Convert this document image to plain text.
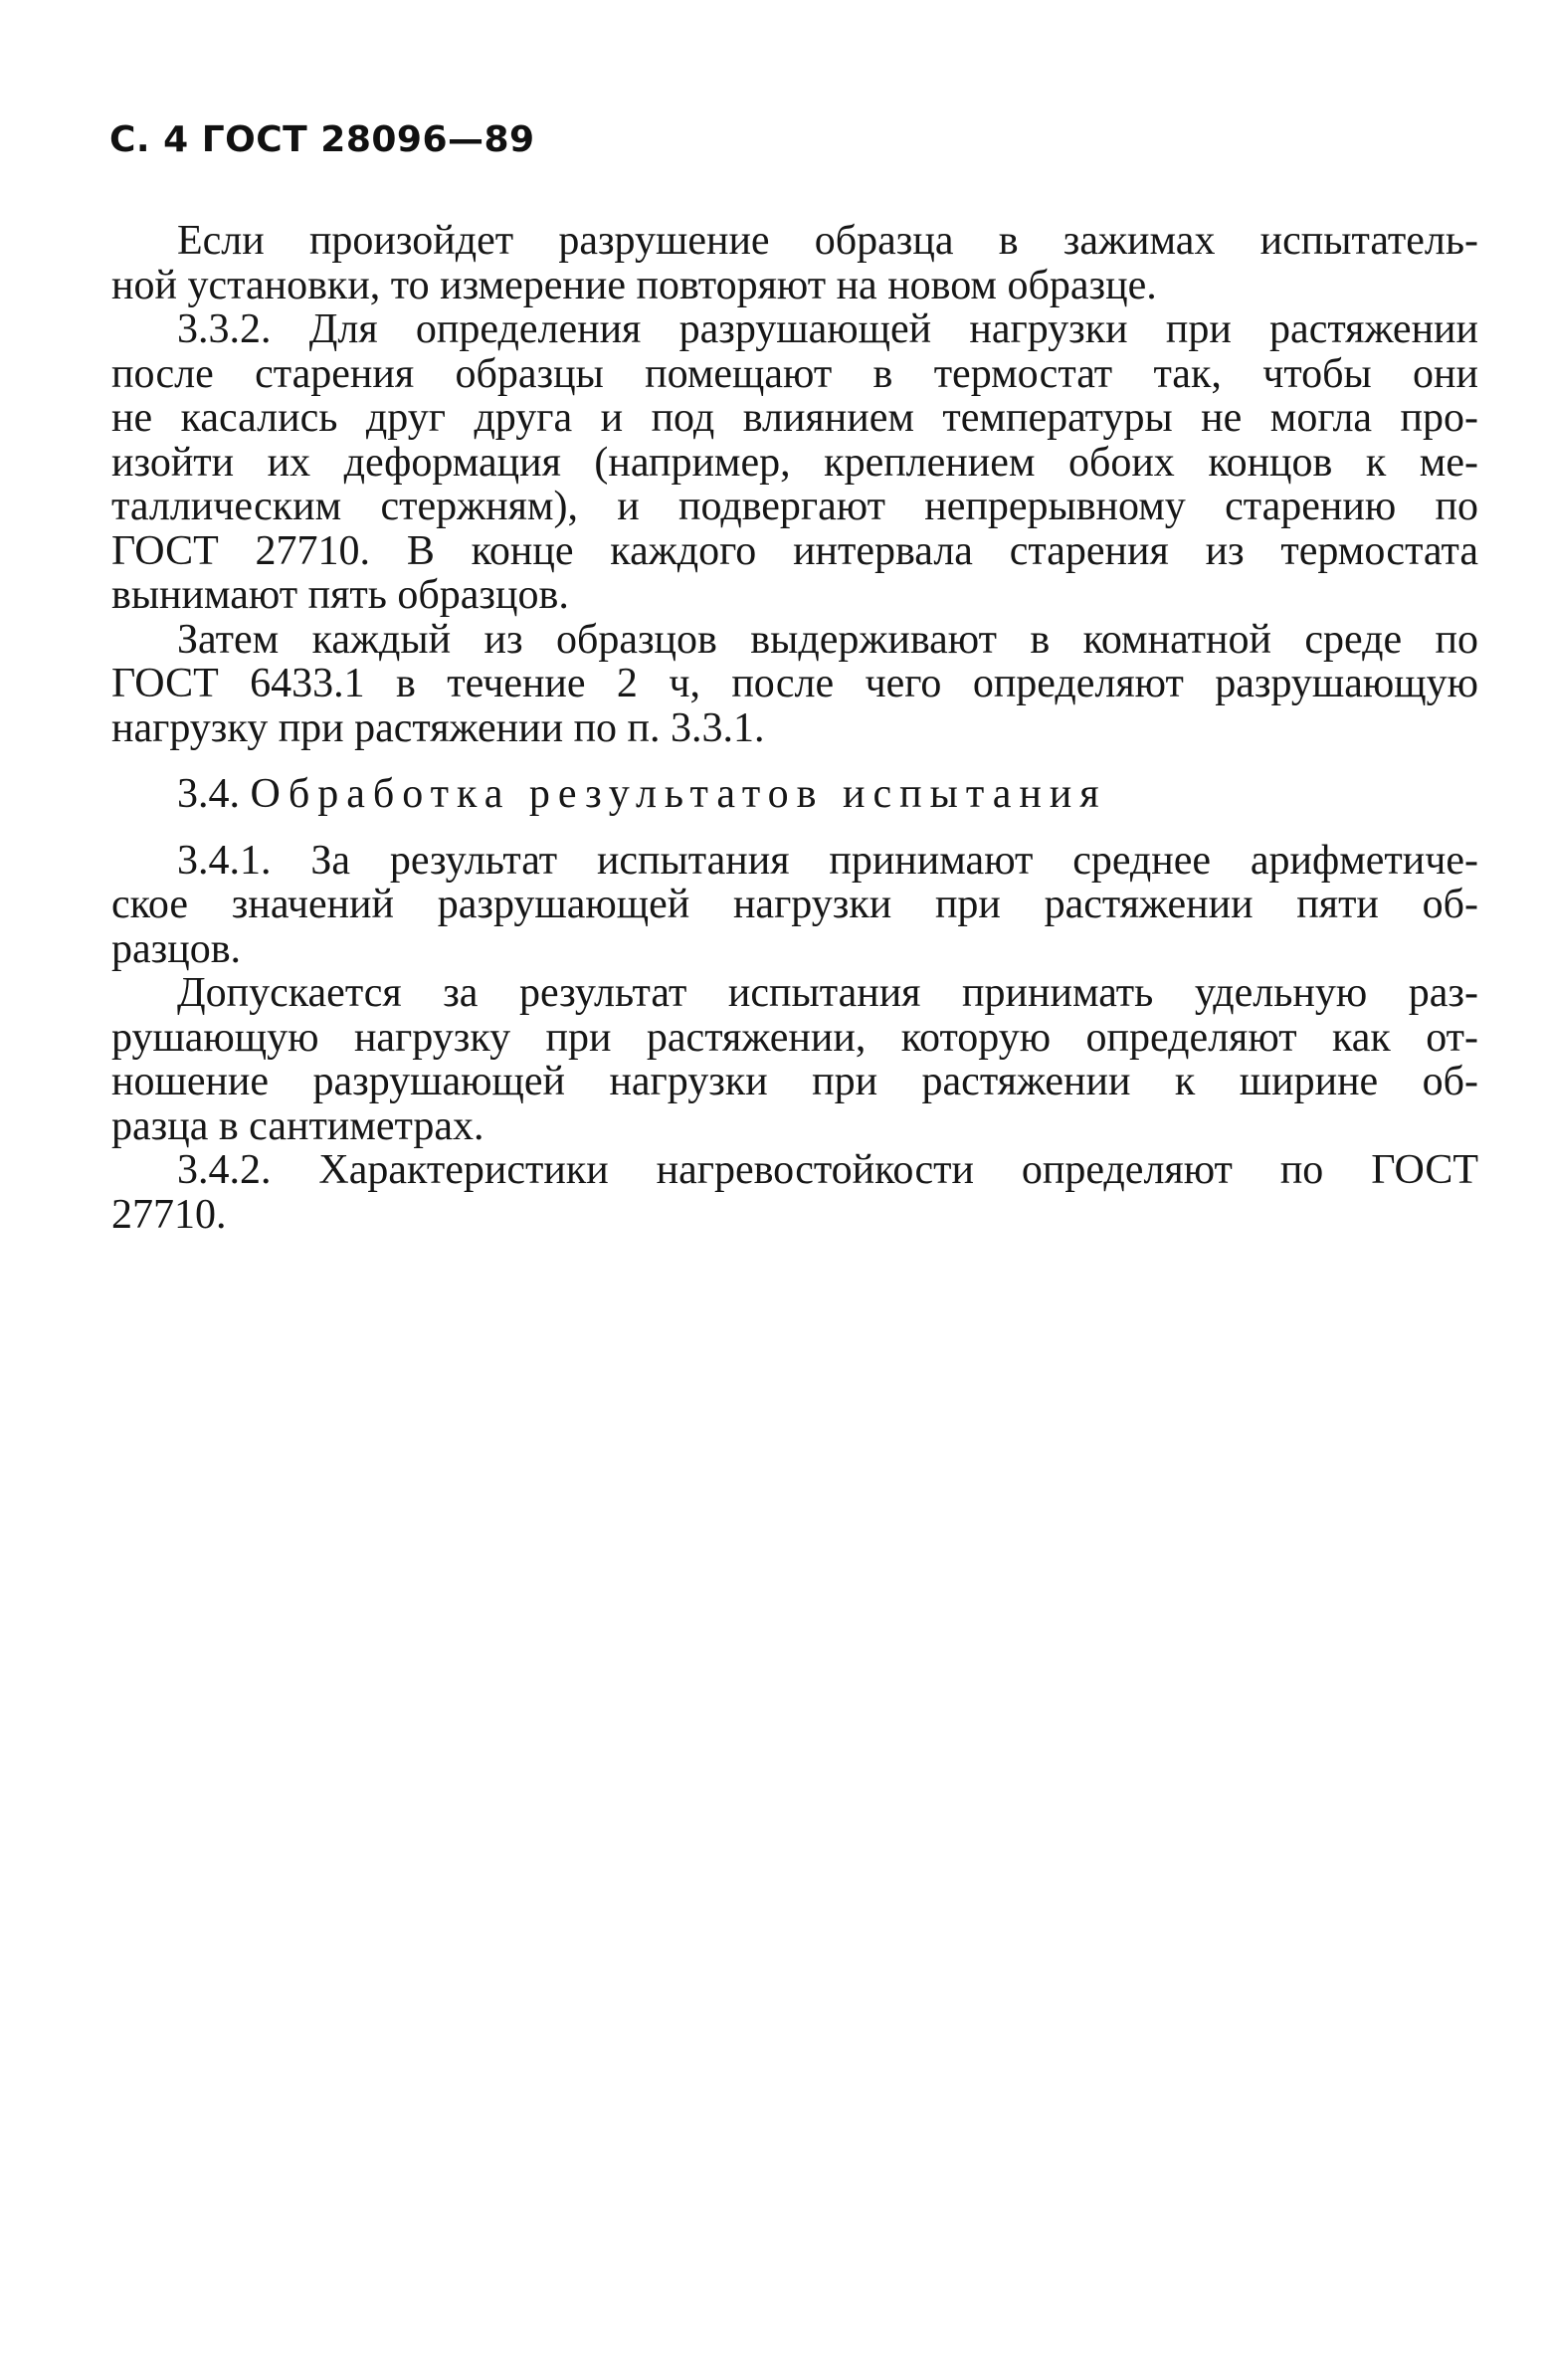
С. 4 ГОСТ 28096—89
Если произойдет разрушение образца в зажимах испытатель-
ной установки, то измерение повторяют на новом образце.
3.3.2. Для определения разрушающей нагрузки при растяжении
после старения образцы помещают в термостат так, чтобы они
не касались друг друга и под влиянием температуры не могла про-
изойти их деформация (например, креплением обоих концов к ме-
таллическим стержням), и подвергают непрерывному старению по
ГОСТ 27710. В конце каждого интервала старения из термостата
вынимают пять образцов.
Затем каждый из образцов выдерживают в комнатной среде по
ГОСТ 6433.1 в течение 2 ч, после чего определяют разрушающую
нагрузку при растяжении по п. 3.3.1.
3.4. Обработка результатов испытания
3.4.1. За результат испытания принимают среднее арифметиче-
ское значений разрушающей нагрузки при растяжении пяти об-
разцов.
Допускается за результат испытания принимать удельную раз-
рушающую нагрузку при растяжении, которую определяют как от-
ношение разрушающей нагрузки при растяжении к ширине об-
разца в сантиметрах.
3.4.2. Характеристики нагревостойкости определяют по ГОСТ
27710.
